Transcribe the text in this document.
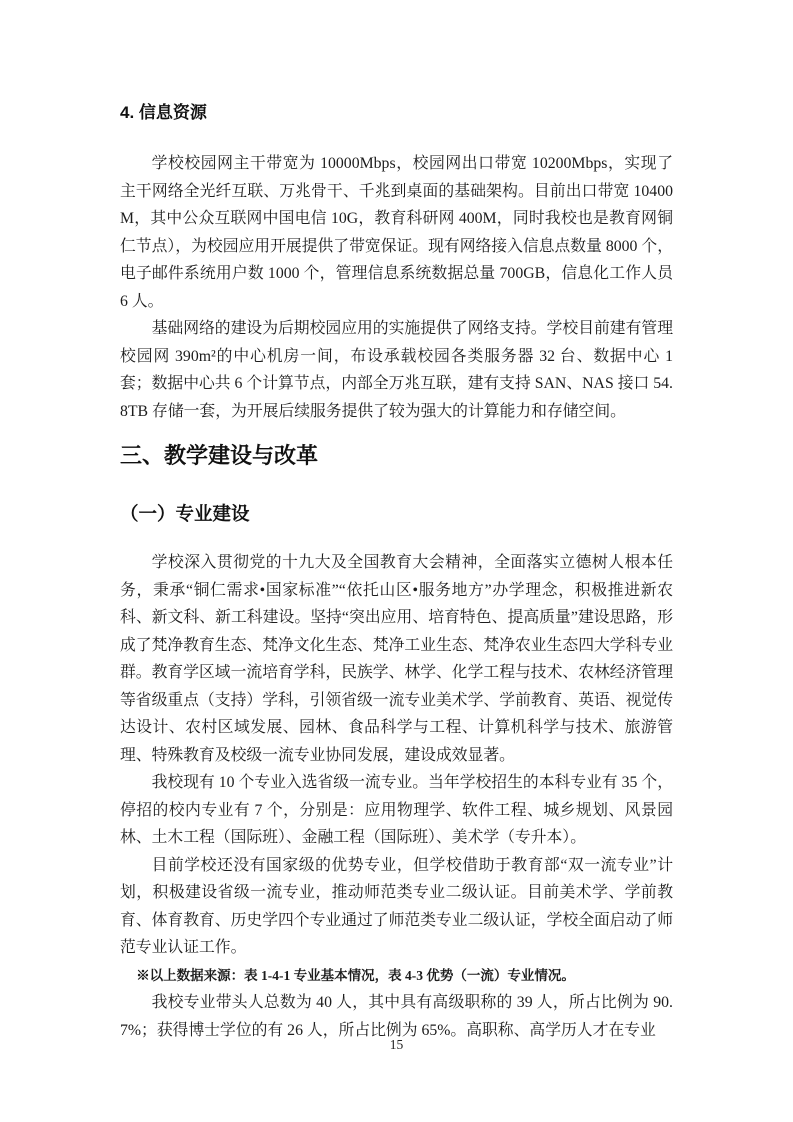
4. 信息资源

学校校园网主干带宽为 10000Mbps，校园网出口带宽 10200Mbps，实现了主干网络全光纤互联、万兆骨干、千兆到桌面的基础架构。目前出口带宽 10400M，其中公众互联网中国电信 10G，教育科研网 400M，同时我校也是教育网铜仁节点），为校园应用开展提供了带宽保证。现有网络接入信息点数量 8000 个，电子邮件系统用户数 1000 个，管理信息系统数据总量 700GB，信息化工作人员 6 人。

基础网络的建设为后期校园应用的实施提供了网络支持。学校目前建有管理校园网 390m²的中心机房一间，布设承载校园各类服务器 32 台、数据中心 1 套；数据中心共 6 个计算节点，内部全万兆互联，建有支持 SAN、NAS 接口 54.8TB 存储一套，为开展后续服务提供了较为强大的计算能力和存储空间。

三、教学建设与改革
（一）专业建设

学校深入贯彻党的十九大及全国教育大会精神，全面落实立德树人根本任务，秉承“铜仁需求•国家标准”“依托山区•服务地方”办学理念，积极推进新农科、新文科、新工科建设。坚持“突出应用、培育特色、提高质量”建设思路，形成了梵净教育生态、梵净文化生态、梵净工业生态、梵净农业生态四大学科专业群。教育学区域一流培育学科，民族学、林学、化学工程与技术、农林经济管理等省级重点（支持）学科，引领省级一流专业美术学、学前教育、英语、视觉传达设计、农村区域发展、园林、食品科学与工程、计算机科学与技术、旅游管理、特殊教育及校级一流专业协同发展，建设成效显著。

我校现有 10 个专业入选省级一流专业。当年学校招生的本科专业有 35 个，停招的校内专业有 7 个，分别是：应用物理学、软件工程、城乡规划、风景园林、土木工程（国际班）、金融工程（国际班）、美术学（专升本）。

目前学校还没有国家级的优势专业，但学校借助于教育部“双一流专业”计划，积极建设省级一流专业，推动师范类专业二级认证。目前美术学、学前教育、体育教育、历史学四个专业通过了师范类专业二级认证，学校全面启动了师范专业认证工作。

※以上数据来源：表 1-4-1 专业基本情况，表 4-3 优势（一流）专业情况。

我校专业带头人总数为 40 人，其中具有高级职称的 39 人，所占比例为 90.7%；获得博士学位的有 26 人，所占比例为 65%。高职称、高学历人才在专业

15
